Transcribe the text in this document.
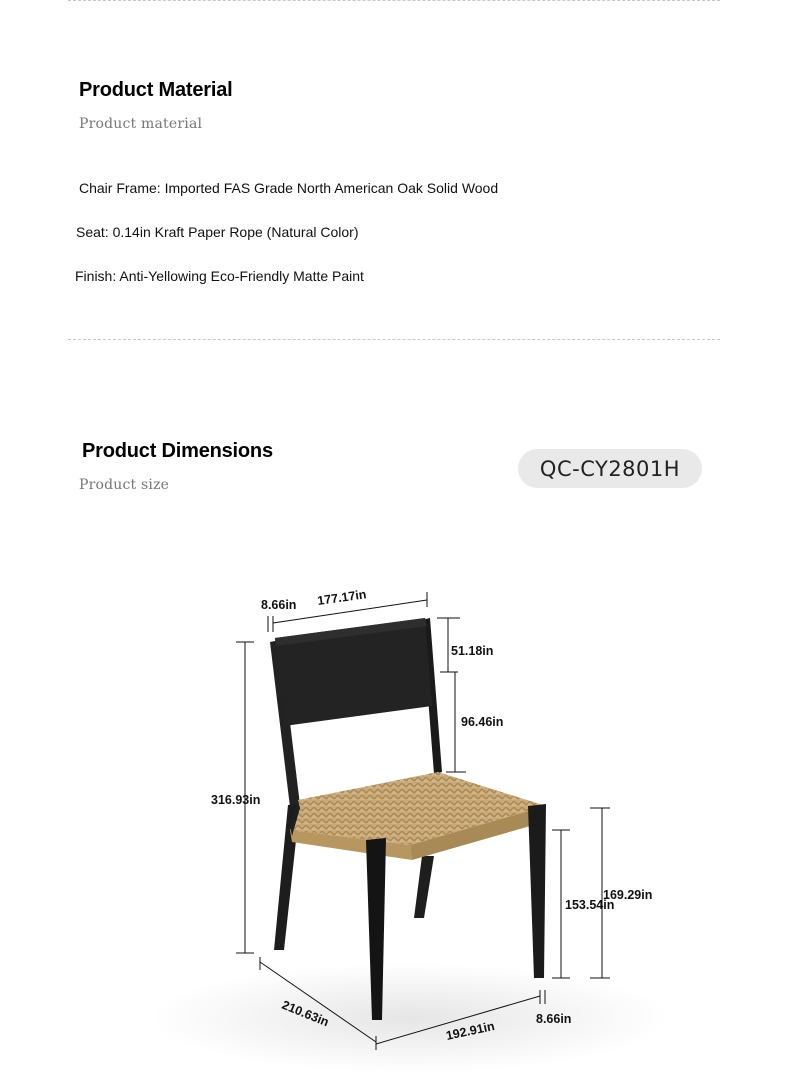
Product Material
Product material
Chair Frame: Imported FAS Grade North American Oak Solid Wood
Seat: 0.14in Kraft Paper Rope (Natural Color)
Finish: Anti-Yellowing Eco-Friendly Matte Paint
Product Dimensions
Product size
QC-CY2801H
8.66in 177.17in
51.18in
96.46in
316.93in
169.29in
153.54in
210.63in
192.91in	8.66in
